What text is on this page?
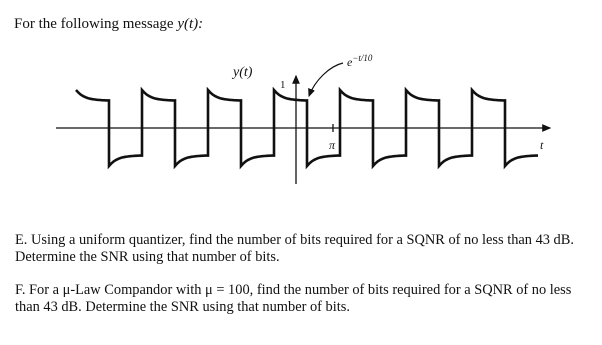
For the following message y(t):
y(t)
1
$e^{-t/10}$
π	t
E. Using a uniform quantizer, find the number of bits required for a SQNR of no less than 43 dB. Determine the SNR using that number of bits.
F. For a μ-Law Compandor with μ = 100, find the number of bits required for a SQNR of no less than 43 dB. Determine the SNR using that number of bits.
